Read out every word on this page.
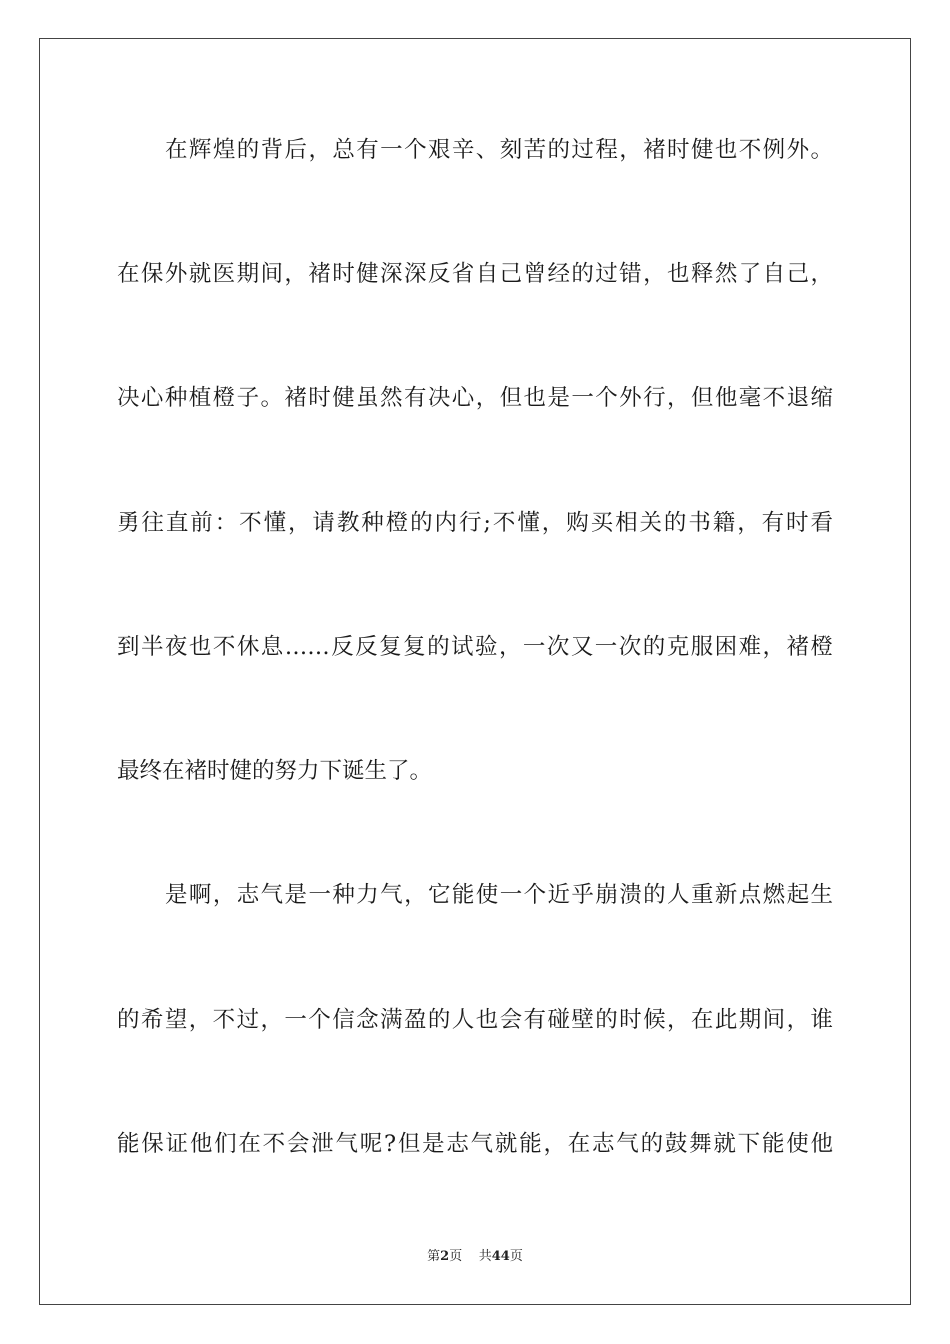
在辉煌的背后，总有一个艰辛、刻苦的过程，褚时健也不例外。
在保外就医期间，褚时健深深反省自己曾经的过错，也释然了自己，
决心种植橙子。褚时健虽然有决心，但也是一个外行，但他毫不退缩
勇往直前：不懂，请教种橙的内行;不懂，购买相关的书籍，有时看
到半夜也不休息……反反复复的试验，一次又一次的克服困难，褚橙
最终在褚时健的努力下诞生了。
是啊，志气是一种力气，它能使一个近乎崩溃的人重新点燃起生
的希望，不过，一个信念满盈的人也会有碰壁的时候，在此期间，谁
能保证他们在不会泄气呢?但是志气就能，在志气的鼓舞就下能使他
第2页 共44页
